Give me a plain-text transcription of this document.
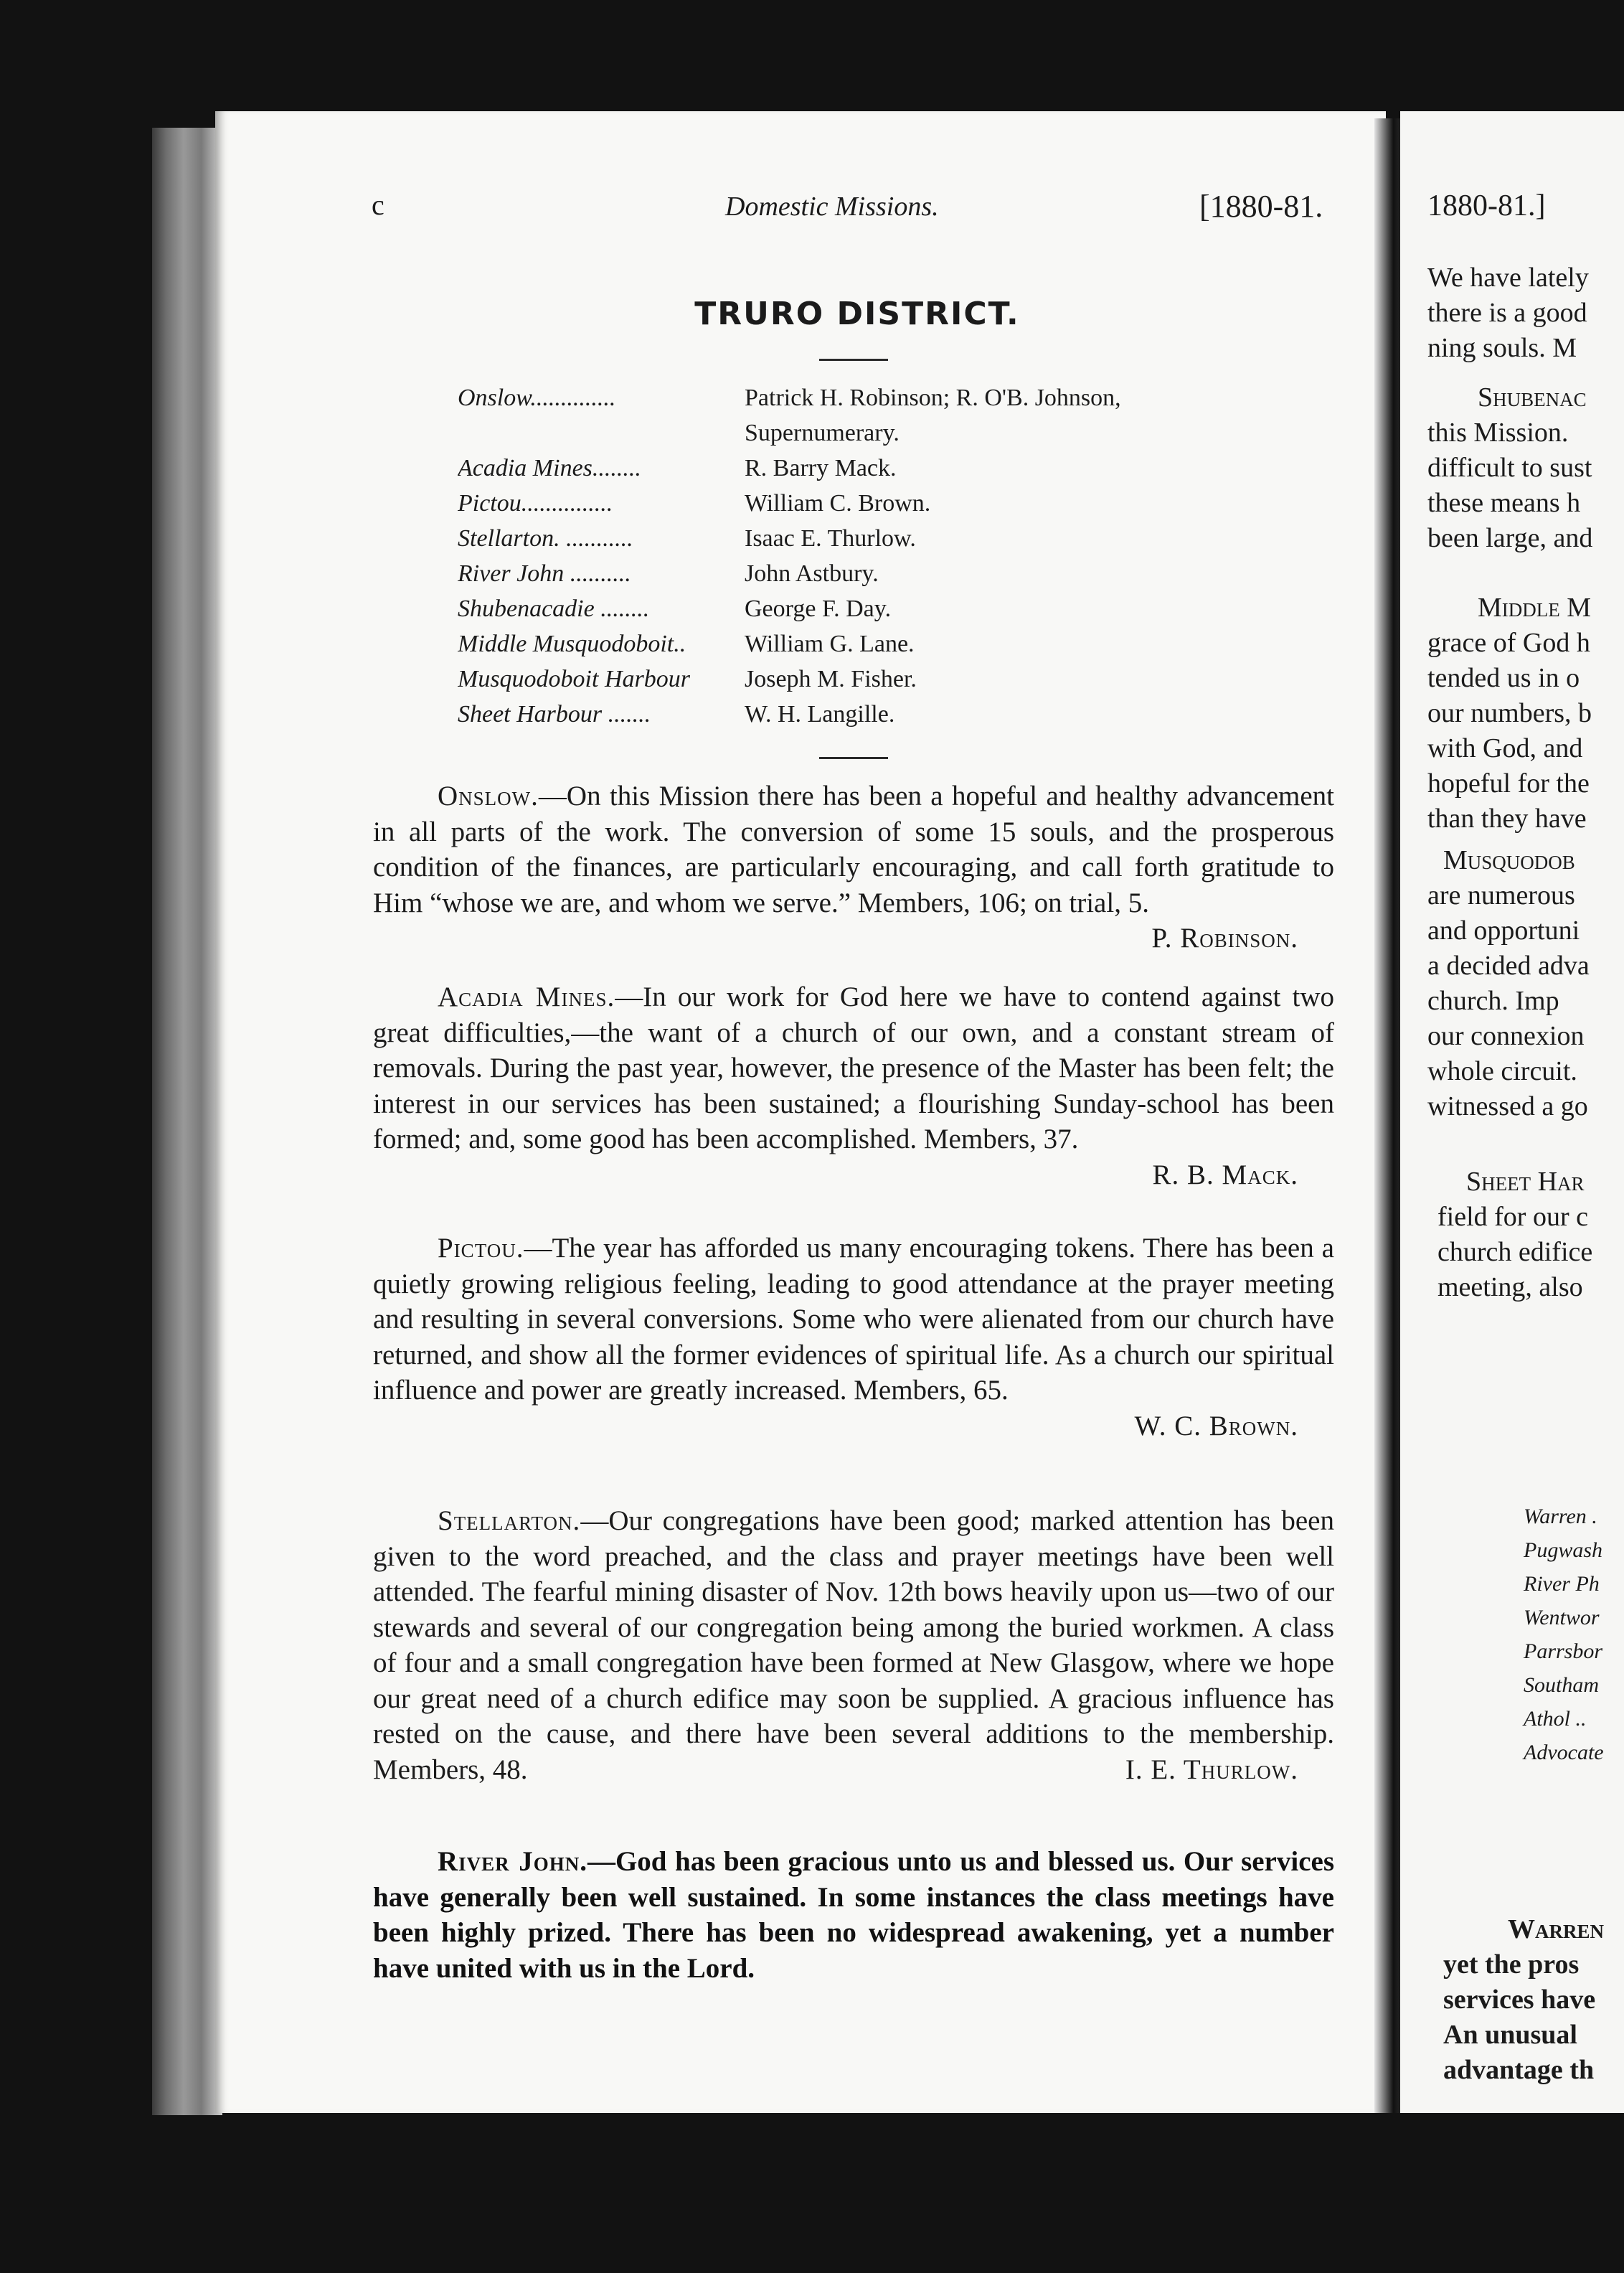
c	Domestic Missions.	[1880-81.
TRURO DISTRICT.
Onslow..............	Patrick H. Robinson; R. O'B. Johnson,
Supernumerary.
Acadia Mines........	R. Barry Mack.
Pictou...............	William C. Brown.
Stellarton. ...........	Isaac E. Thurlow.
River John ..........	John Astbury.
Shubenacadie ........	George F. Day.
Middle Musquodoboit..	William G. Lane.
Musquodoboit Harbour	Joseph M. Fisher.
Sheet Harbour .......	W. H. Langille.

Onslow.—On this Mission there has been a hopeful and healthy advancement in all parts of the work. The conversion of some 15 souls, and the prosperous condition of the finances, are particularly encouraging, and call forth gratitude to Him “whose we are, and whom we serve.” Members, 106; on trial, 5.
P. Robinson.

Acadia Mines.—In our work for God here we have to contend against two great difficulties,—the want of a church of our own, and a constant stream of removals. During the past year, however, the presence of the Master has been felt; the interest in our services has been sustained; a flourishing Sunday-school has been formed; and, some good has been accomplished. Members, 37.

R. B. Mack.

Pictou.—The year has afforded us many encouraging tokens. There has been a quietly growing religious feeling, leading to good attendance at the prayer meeting and resulting in several conversions. Some who were alienated from our church have returned, and show all the former evidences of spiritual life. As a church our spiritual influence and power are greatly increased. Members, 65.

W. C. Brown.

Stellarton.—Our congregations have been good; marked attention has been given to the word preached, and the class and prayer meetings have been well attended. The fearful mining disaster of Nov. 12th bows heavily upon us—two of our stewards and several of our congregation being among the buried workmen. A class of four and a small congregation have been formed at New Glasgow, where we hope our great need of a church edifice may soon be supplied. A gracious influence has rested on the cause, and there have been several additions to the membership. Members, 48.	I. E. Thurlow.

River John.—God has been gracious unto us and blessed us. Our services have generally been well sustained. In some instances the class meetings have been highly prized. There has been no widespread awakening, yet a number have united with us in the Lord.

1880-81.]
We have lately
there is a good
ning souls. M
Shubenac
this Mission.
difficult to sust
these means h
been large, and
Middle M
grace of God h
tended us in o
our numbers, b
with God, and
hopeful for the
than they have
Musquodob
are numerous
and opportuni
a decided adva
church. Imp
our connexion
whole circuit.
witnessed a go
Sheet Har
field for our c
church edifice
meeting, also
Warren .
Pugwash
River Ph
Wentwor
Parrsbor
Southam
Athol ..
Advocate
Warren
yet the pros
services have
An unusual
advantage th
